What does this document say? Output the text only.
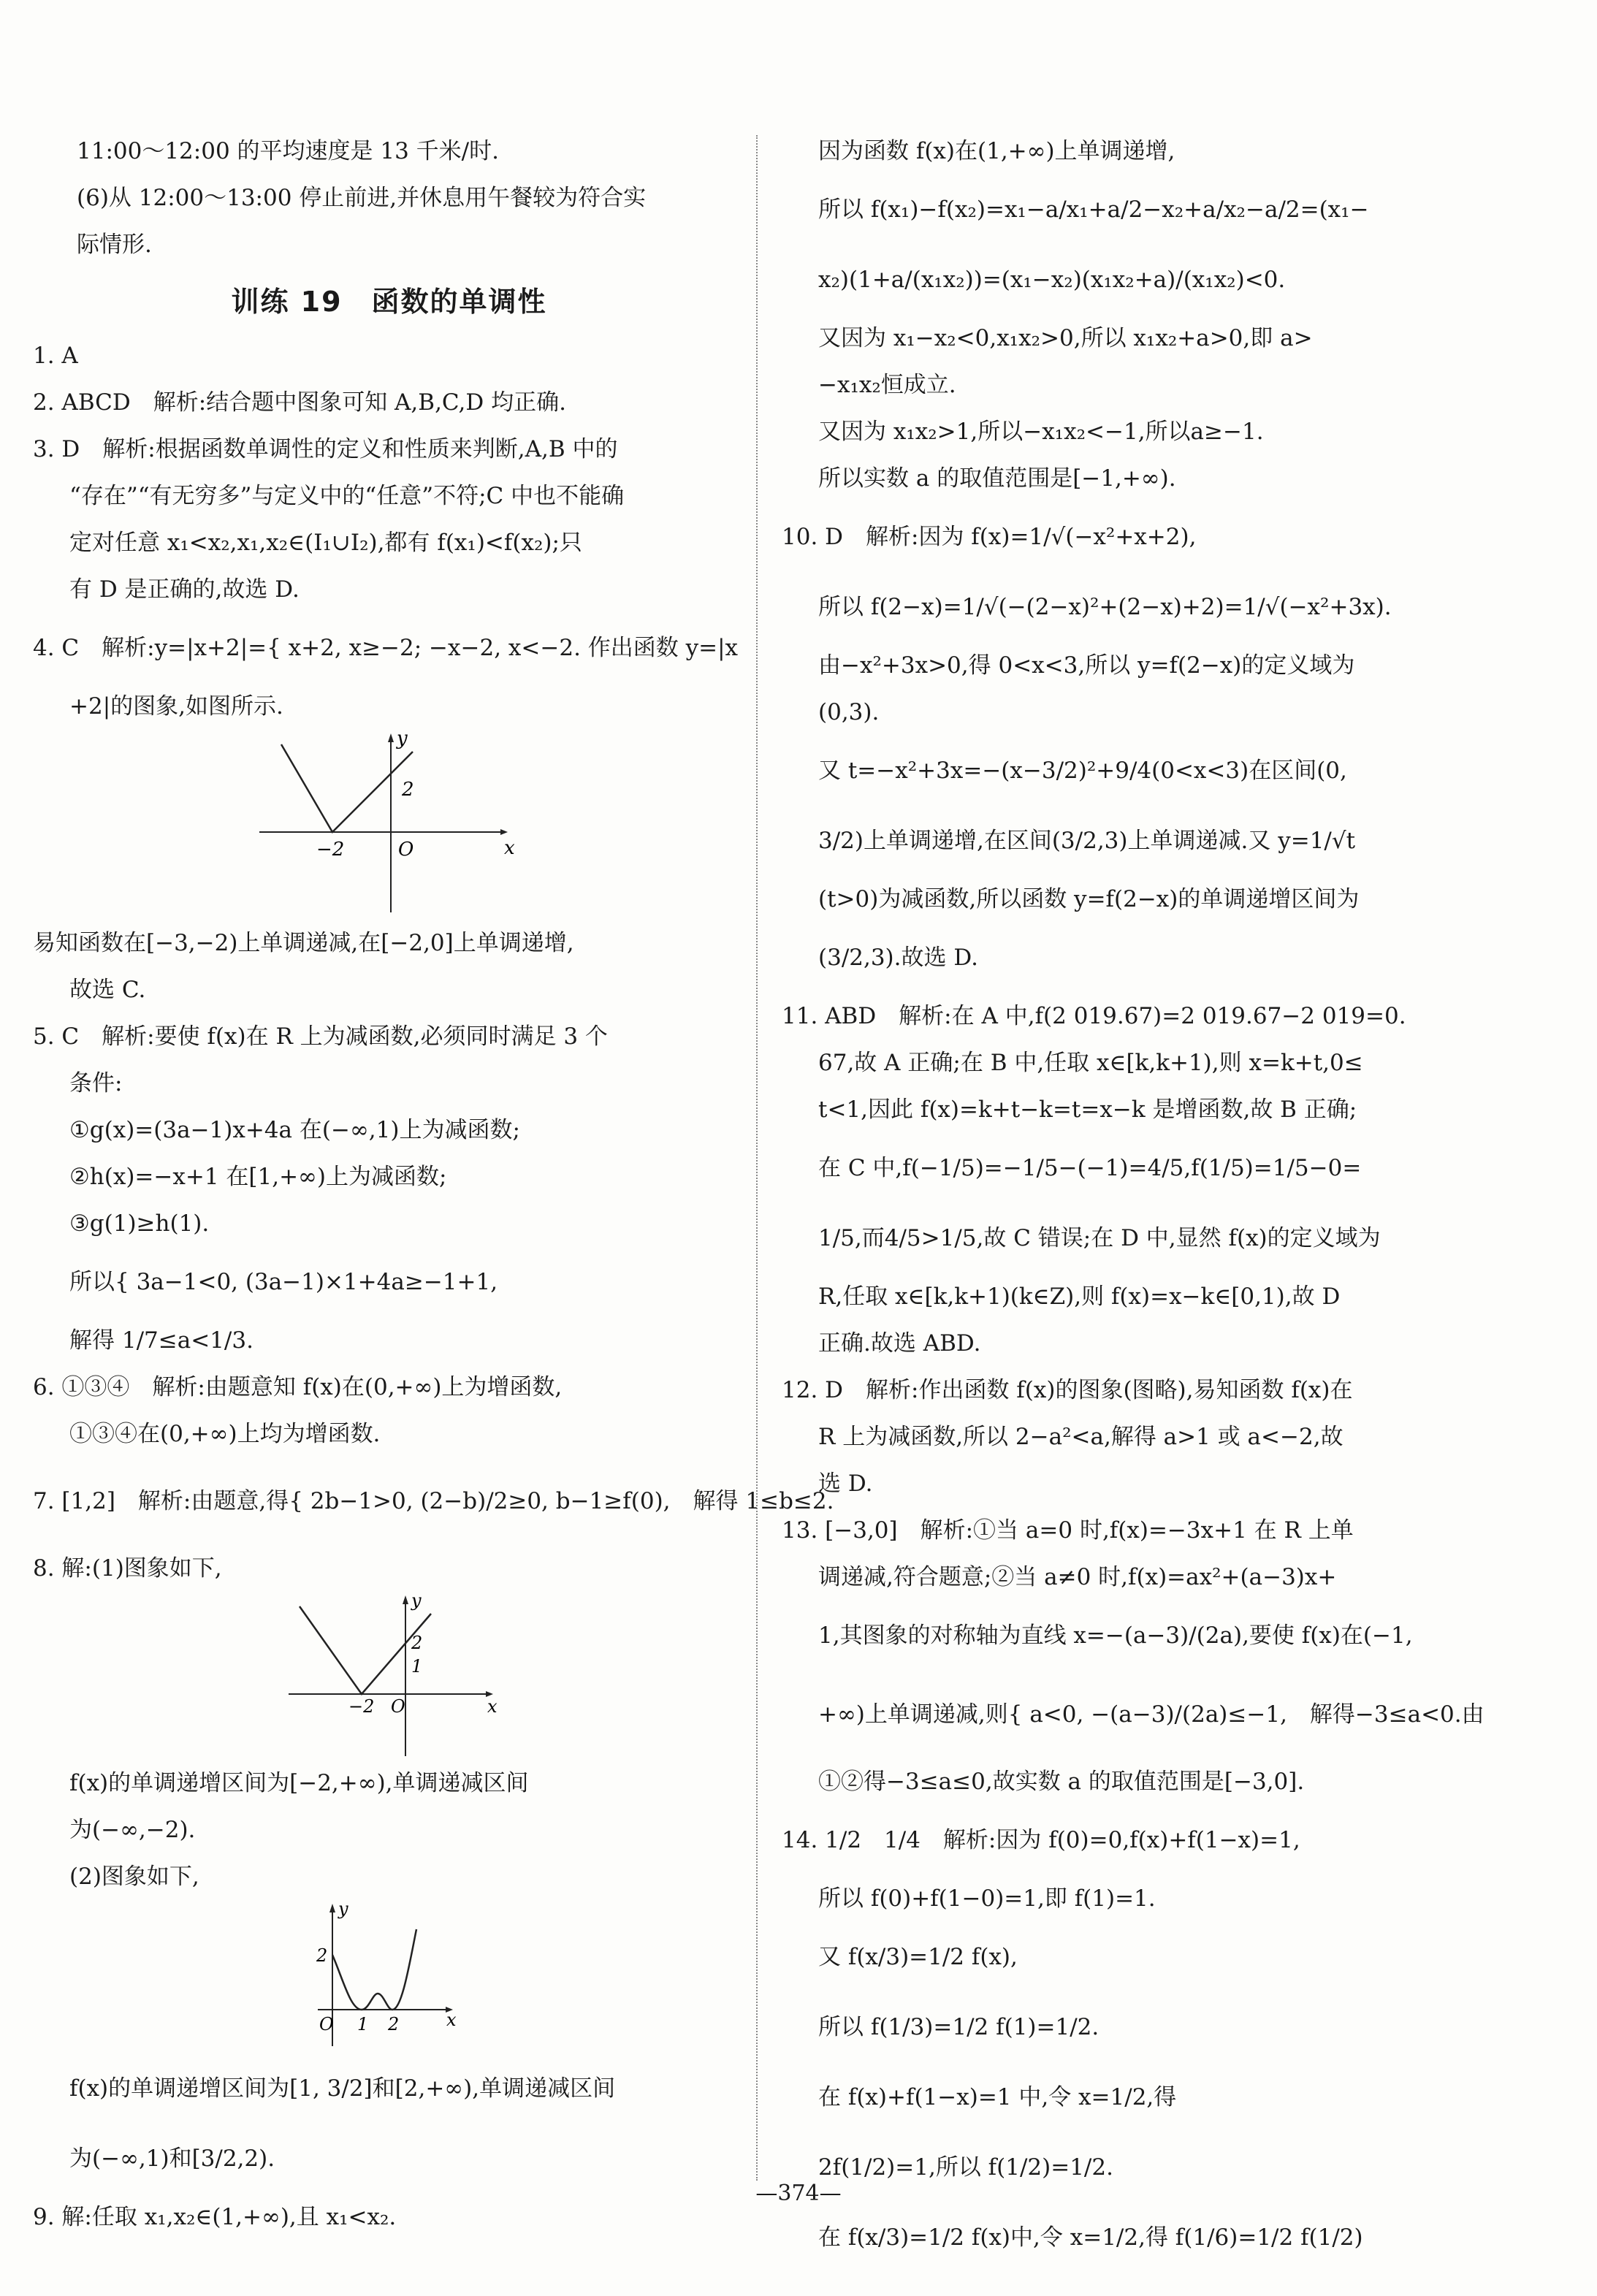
11:00～12:00 的平均速度是 13 千米/时.
(6)从 12:00～13:00 停止前进,并休息用午餐较为符合实
际情形.
训练 19　函数的单调性
1. A
2. ABCD　解析:结合题中图象可知 A,B,C,D 均正确.
3. D　解析:根据函数单调性的定义和性质来判断,A,B 中的
“存在”“有无穷多”与定义中的“任意”不符;C 中也不能确
定对任意 x₁<x₂,x₁,x₂∈(I₁∪I₂),都有 f(x₁)<f(x₂);只
有 D 是正确的,故选 D.
4. C　解析:y=|x+2|={ x+2, x≥−2; −x−2, x<−2. 作出函数 y=|x
+2|的图象,如图所示.
y
x
O
−2
2
易知函数在[−3,−2)上单调递减,在[−2,0]上单调递增,
故选 C.
5. C　解析:要使 f(x)在 R 上为减函数,必须同时满足 3 个
条件:
①g(x)=(3a−1)x+4a 在(−∞,1)上为减函数;
②h(x)=−x+1 在[1,+∞)上为减函数;
③g(1)≥h(1).
所以{ 3a−1<0, (3a−1)×1+4a≥−1+1,
解得 1/7≤a<1/3.
6. ①③④　解析:由题意知 f(x)在(0,+∞)上为增函数,
①③④在(0,+∞)上均为增函数.
7. [1,2]　解析:由题意,得{ 2b−1>0, (2−b)/2≥0, b−1≥f(0),　解得 1≤b≤2.
8. 解:(1)图象如下,
y
x
O
−2
2
1
f(x)的单调递增区间为[−2,+∞),单调递减区间
为(−∞,−2).
(2)图象如下,
y
x
O 1 2
2
f(x)的单调递增区间为[1, 3/2]和[2,+∞),单调递减区间
为(−∞,1)和[3/2,2).
9. 解:任取 x₁,x₂∈(1,+∞),且 x₁<x₂.
因为函数 f(x)在(1,+∞)上单调递增,
所以 f(x₁)−f(x₂)=x₁−a/x₁+a/2−x₂+a/x₂−a/2=(x₁−
x₂)(1+a/(x₁x₂))=(x₁−x₂)(x₁x₂+a)/(x₁x₂)<0.
又因为 x₁−x₂<0,x₁x₂>0,所以 x₁x₂+a>0,即 a>
−x₁x₂恒成立.
又因为 x₁x₂>1,所以−x₁x₂<−1,所以a≥−1.
所以实数 a 的取值范围是[−1,+∞).
10. D　解析:因为 f(x)=1/√(−x²+x+2),
所以 f(2−x)=1/√(−(2−x)²+(2−x)+2)=1/√(−x²+3x).
由−x²+3x>0,得 0<x<3,所以 y=f(2−x)的定义域为
(0,3).
又 t=−x²+3x=−(x−3/2)²+9/4(0<x<3)在区间(0,
3/2)上单调递增,在区间(3/2,3)上单调递减.又 y=1/√t
(t>0)为减函数,所以函数 y=f(2−x)的单调递增区间为
(3/2,3).故选 D.
11. ABD　解析:在 A 中,f(2 019.67)=2 019.67−2 019=0.
67,故 A 正确;在 B 中,任取 x∈[k,k+1),则 x=k+t,0≤
t<1,因此 f(x)=k+t−k=t=x−k 是增函数,故 B 正确;
在 C 中,f(−1/5)=−1/5−(−1)=4/5,f(1/5)=1/5−0=
1/5,而4/5>1/5,故 C 错误;在 D 中,显然 f(x)的定义域为
R,任取 x∈[k,k+1)(k∈Z),则 f(x)=x−k∈[0,1),故 D
正确.故选 ABD.
12. D　解析:作出函数 f(x)的图象(图略),易知函数 f(x)在
R 上为减函数,所以 2−a²<a,解得 a>1 或 a<−2,故
选 D.
13. [−3,0]　解析:①当 a=0 时,f(x)=−3x+1 在 R 上单
调递减,符合题意;②当 a≠0 时,f(x)=ax²+(a−3)x+
1,其图象的对称轴为直线 x=−(a−3)/(2a),要使 f(x)在(−1,
+∞)上单调递减,则{ a<0, −(a−3)/(2a)≤−1,　解得−3≤a<0.由
①②得−3≤a≤0,故实数 a 的取值范围是[−3,0].
14. 1/2　1/4　解析:因为 f(0)=0,f(x)+f(1−x)=1,
所以 f(0)+f(1−0)=1,即 f(1)=1.
又 f(x/3)=1/2 f(x),
所以 f(1/3)=1/2 f(1)=1/2.
在 f(x)+f(1−x)=1 中,令 x=1/2,得
2f(1/2)=1,所以 f(1/2)=1/2.
在 f(x/3)=1/2 f(x)中,令 x=1/2,得 f(1/6)=1/2 f(1/2)
—374—
